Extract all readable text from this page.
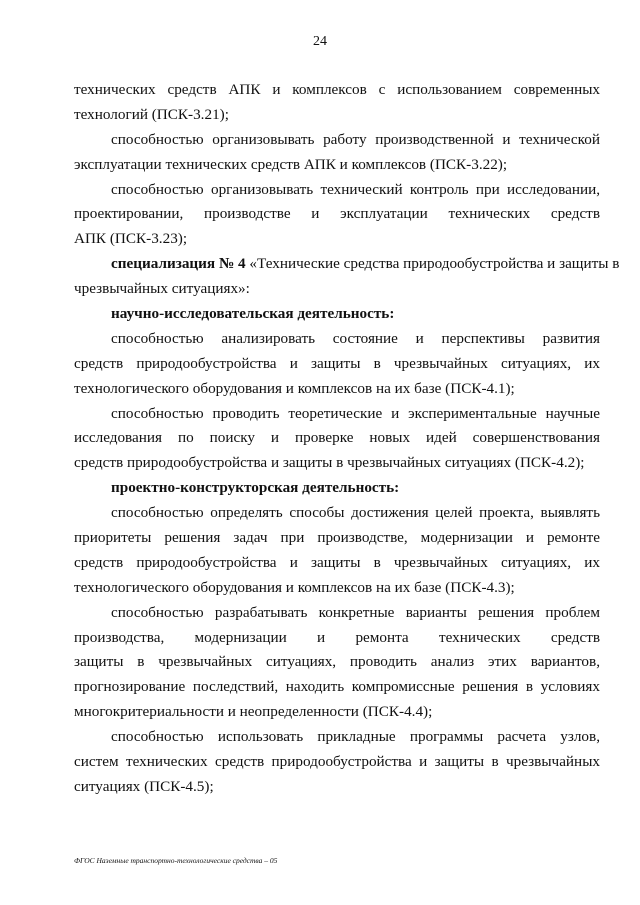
24
технических средств АПК и комплексов с использованием современных
технологий (ПСК-3.21);
способностью организовывать работу производственной и технической
эксплуатации технических средств АПК и комплексов (ПСК-3.22);
способностью организовывать технический контроль при исследовании,
проектировании, производстве и эксплуатации технических средств
АПК (ПСК-3.23);
специализация № 4 «Технические средства природообустройства и защиты в
чрезвычайных ситуациях»:
научно-исследовательская деятельность:
способностью анализировать состояние и перспективы развития
средств природообустройства и защиты в чрезвычайных ситуациях, их
технологического оборудования и комплексов на их базе (ПСК-4.1);
способностью проводить теоретические и экспериментальные научные
исследования по поиску и проверке новых идей совершенствования
средств природообустройства и защиты в чрезвычайных ситуациях (ПСК-4.2);
проектно-конструкторская деятельность:
способностью определять способы достижения целей проекта, выявлять
приоритеты решения задач при производстве, модернизации и ремонте
средств природообустройства и защиты в чрезвычайных ситуациях, их
технологического оборудования и комплексов на их базе (ПСК-4.3);
способностью разрабатывать конкретные варианты решения проблем
производства, модернизации и ремонта технических средств
защиты в чрезвычайных ситуациях, проводить анализ этих вариантов,
прогнозирование последствий, находить компромиссные решения в условиях
многокритериальности и неопределенности (ПСК-4.4);
способностью использовать прикладные программы расчета узлов,
систем технических средств природообустройства и защиты в чрезвычайных
ситуациях (ПСК-4.5);
ФГОС Наземные транспортно-технологические средства – 05
